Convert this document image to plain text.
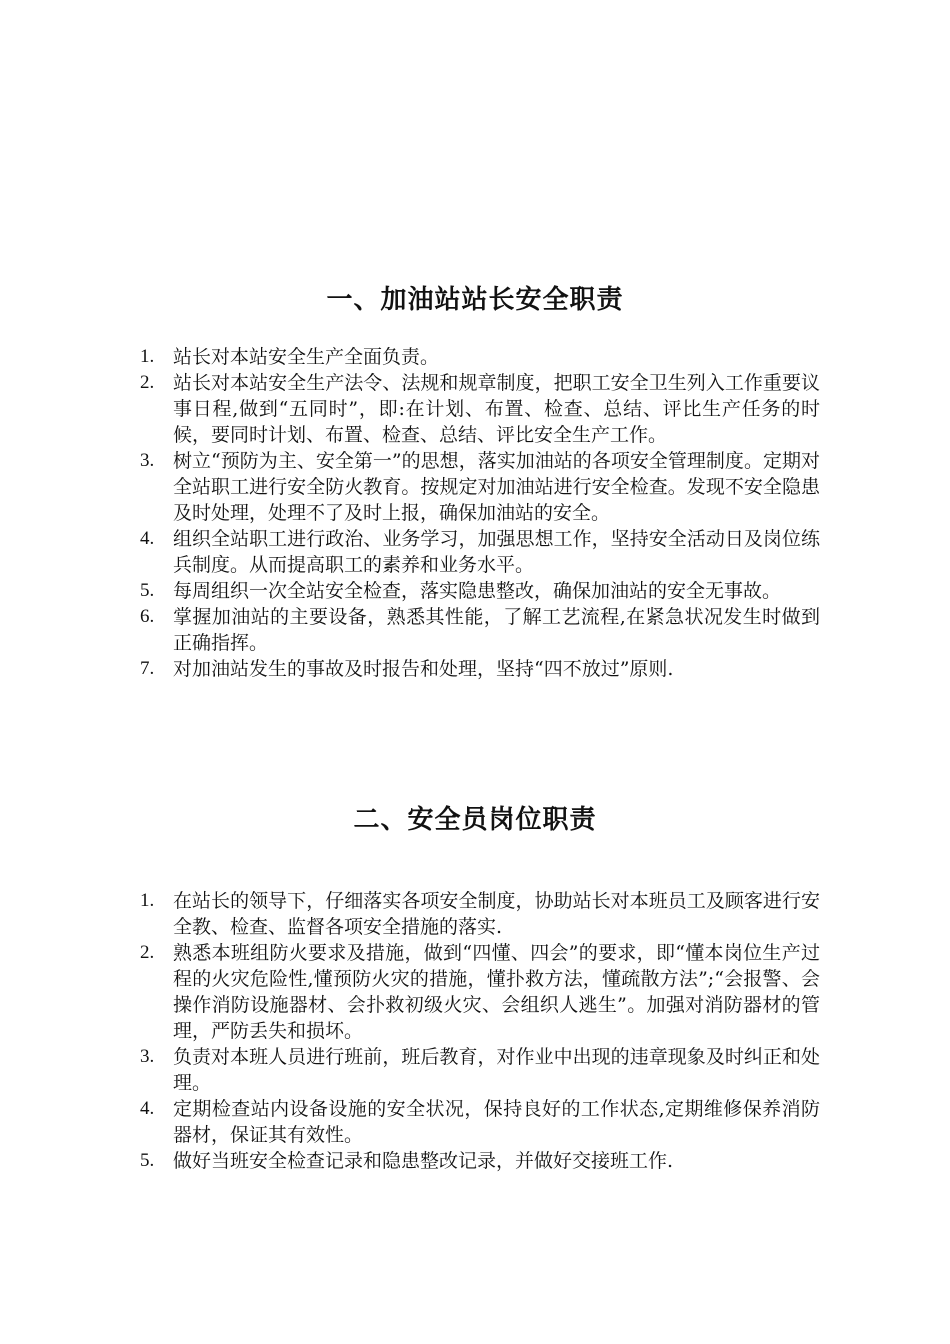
一、加油站站长安全职责
1. 站长对本站安全生产全面负责。
2. 站长对本站安全生产法令、法规和规章制度，把职工安全卫生列入工作重要议事日程,做到“五同时”，即:在计划、布置、检查、总结、评比生产任务的时候，要同时计划、布置、检查、总结、评比安全生产工作。
3. 树立“预防为主、安全第一”的思想，落实加油站的各项安全管理制度。定期对全站职工进行安全防火教育。按规定对加油站进行安全检查。发现不安全隐患及时处理，处理不了及时上报，确保加油站的安全。
4. 组织全站职工进行政治、业务学习，加强思想工作，坚持安全活动日及岗位练兵制度。从而提高职工的素养和业务水平。
5. 每周组织一次全站安全检查，落实隐患整改，确保加油站的安全无事故。
6. 掌握加油站的主要设备，熟悉其性能，了解工艺流程,在紧急状况发生时做到正确指挥。
7. 对加油站发生的事故及时报告和处理，坚持“四不放过”原则.
二、安全员岗位职责
1. 在站长的领导下，仔细落实各项安全制度，协助站长对本班员工及顾客进行安全教、检查、监督各项安全措施的落实.
2. 熟悉本班组防火要求及措施，做到“四懂、四会”的要求，即“懂本岗位生产过程的火灾危险性,懂预防火灾的措施，懂扑救方法，懂疏散方法”;“会报警、会操作消防设施器材、会扑救初级火灾、会组织人逃生”。加强对消防器材的管理，严防丢失和损坏。
3. 负责对本班人员进行班前，班后教育，对作业中出现的违章现象及时纠正和处理。
4. 定期检查站内设备设施的安全状况，保持良好的工作状态,定期维修保养消防器材，保证其有效性。
5. 做好当班安全检查记录和隐患整改记录，并做好交接班工作.
